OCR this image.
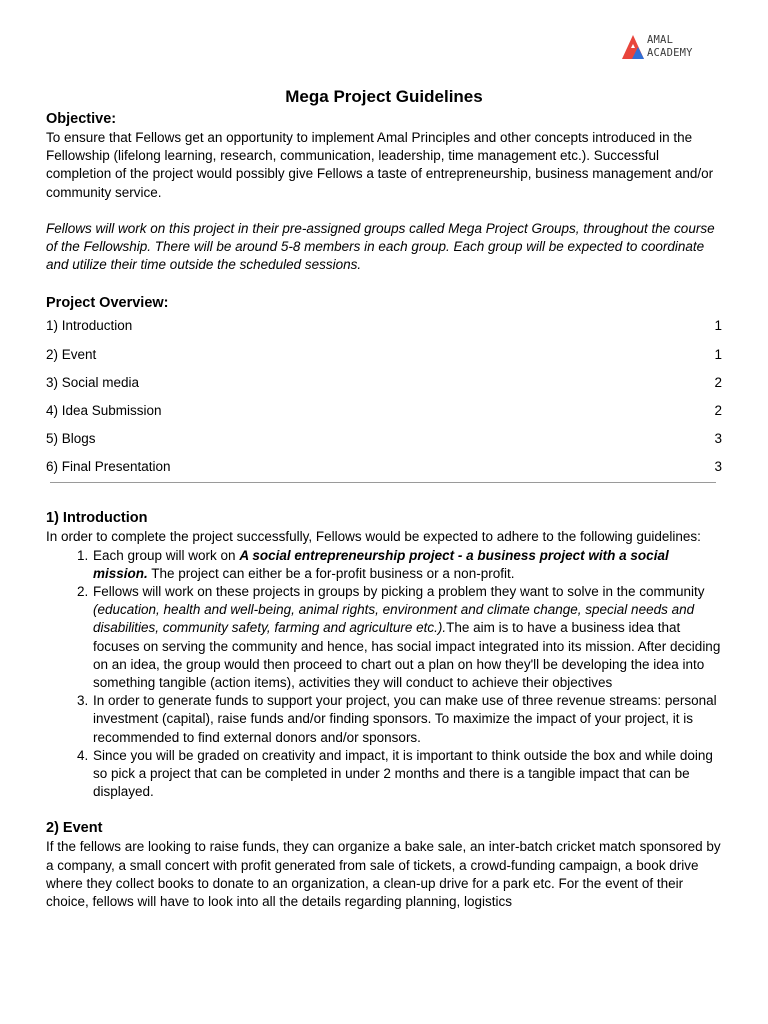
AMAL
ACADEMY
Mega Project Guidelines
Objective:

To ensure that Fellows get an opportunity to implement Amal Principles and other concepts introduced in the Fellowship (lifelong learning, research, communication, leadership, time management etc.). Successful completion of the project would possibly give Fellows a taste of entrepreneurship, business management and/or community service.

Fellows will work on this project in their pre-assigned groups called Mega Project Groups, throughout the course of the Fellowship. There will be around 5-8 members in each group. Each group will be expected to coordinate and utilize their time outside the scheduled sessions.

Project Overview:
1) Introduction	1
2) Event	1
3) Social media	2
4) Idea Submission	2
5) Blogs	3
6) Final Presentation	3
1) Introduction

In order to complete the project successfully, Fellows would be expected to adhere to the following guidelines:

1. Each group will work on A social entrepreneurship project - a business project with a social mission. The project can either be a for-profit business or a non-profit.
2. Fellows will work on these projects in groups by picking a problem they want to solve in the community (education, health and well-being, animal rights, environment and climate change, special needs and disabilities, community safety, farming and agriculture etc.).The aim is to have a business idea that focuses on serving the community and hence, has social impact integrated into its mission. After deciding on an idea, the group would then proceed to chart out a plan on how they'll be developing the idea into something tangible (action items), activities they will conduct to achieve their objectives
3. In order to generate funds to support your project, you can make use of three revenue streams: personal investment (capital), raise funds and/or finding sponsors. To maximize the impact of your project, it is recommended to find external donors and/or sponsors.
4. Since you will be graded on creativity and impact, it is important to think outside the box and while doing so pick a project that can be completed in under 2 months and there is a tangible impact that can be displayed.
2) Event

If the fellows are looking to raise funds, they can organize a bake sale, an inter-batch cricket match sponsored by a company, a small concert with profit generated from sale of tickets, a crowd-funding campaign, a book drive where they collect books to donate to an organization, a clean-up drive for a park etc. For the event of their choice, fellows will have to look into all the details regarding planning, logistics
